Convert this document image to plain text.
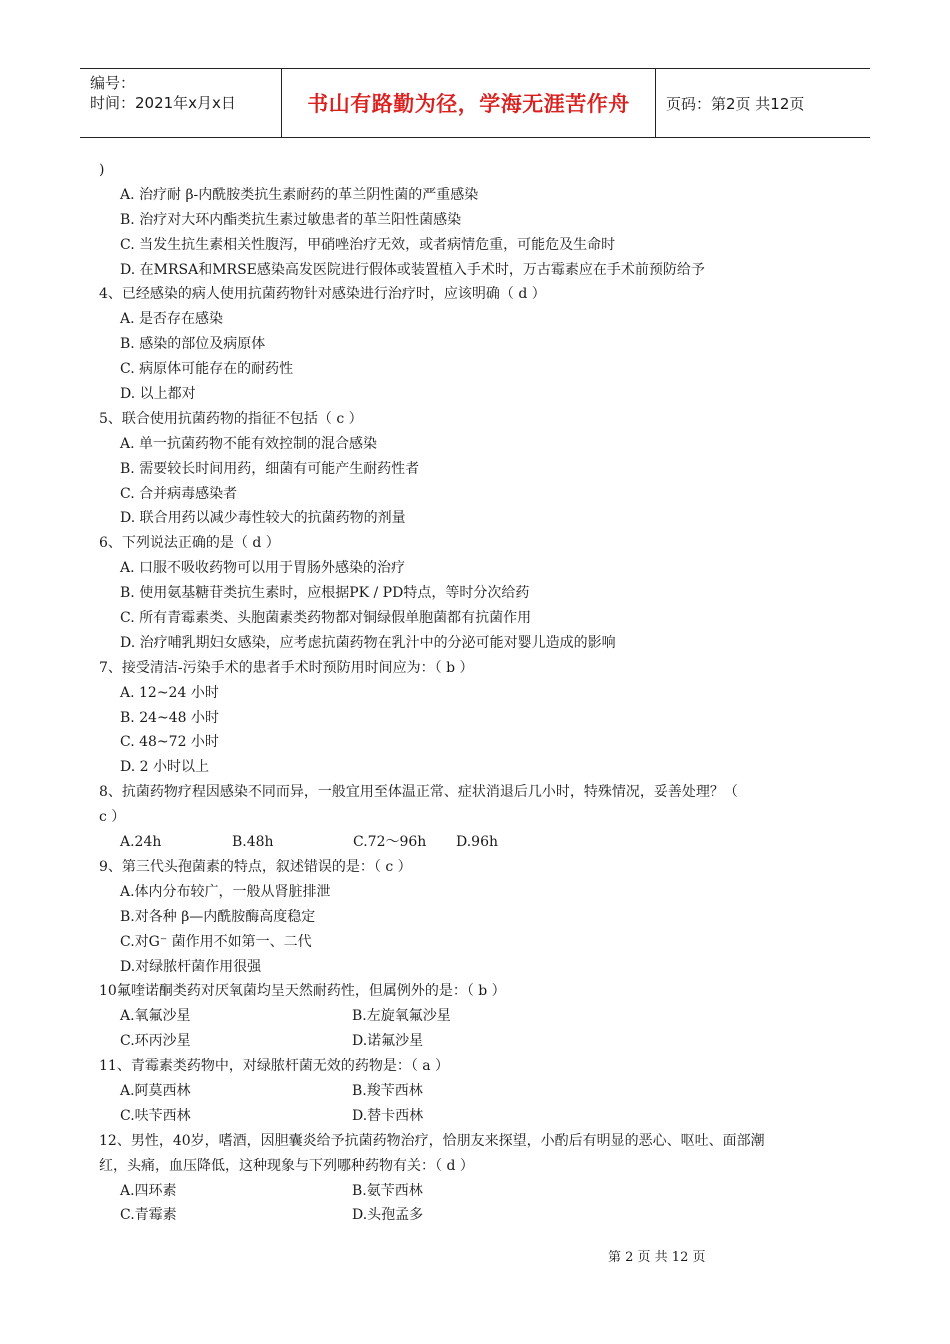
编号：
时间：2021年x月x日	书山有路勤为径，学海无涯苦作舟	页码：第2页 共12页
)
A. 治疗耐 β-内酰胺类抗生素耐药的革兰阴性菌的严重感染
B. 治疗对大环内酯类抗生素过敏患者的革兰阳性菌感染
C. 当发生抗生素相关性腹泻，甲硝唑治疗无效，或者病情危重，可能危及生命时
D. 在MRSA和MRSE感染高发医院进行假体或装置植入手术时，万古霉素应在手术前预防给予
4、已经感染的病人使用抗菌药物针对感染进行治疗时，应该明确（ d ）
A. 是否存在感染
B. 感染的部位及病原体
C. 病原体可能存在的耐药性
D. 以上都对
5、联合使用抗菌药物的指征不包括（ c ）
A. 单一抗菌药物不能有效控制的混合感染
B. 需要较长时间用药，细菌有可能产生耐药性者
C. 合并病毒感染者
D. 联合用药以减少毒性较大的抗菌药物的剂量
6、下列说法正确的是（ d ）
A. 口服不吸收药物可以用于胃肠外感染的治疗
B. 使用氨基糖苷类抗生素时，应根据PK / PD特点，等时分次给药
C. 所有青霉素类、头胞菌素类药物都对铜绿假单胞菌都有抗菌作用
D. 治疗哺乳期妇女感染，应考虑抗菌药物在乳汁中的分泌可能对婴儿造成的影响
7、接受清洁-污染手术的患者手术时预防用时间应为：（ b ）
A. 12~24 小时
B. 24~48 小时
C. 48~72 小时
D. 2 小时以上
8、抗菌药物疗程因感染不同而异，一般宜用至体温正常、症状消退后几小时，特殊情况，妥善处理？（
c ）
A.24h	B.48h	C.72～96h D.96h
9、第三代头孢菌素的特点，叙述错误的是：（ c ）
A.体内分布较广，一般从肾脏排泄
B.对各种 β—内酰胺酶高度稳定
C.对G⁻ 菌作用不如第一、二代
D.对绿脓杆菌作用很强
10氟喹诺酮类药对厌氧菌均呈天然耐药性，但属例外的是：（ b ）
A.氧氟沙星	B.左旋氧氟沙星
C.环丙沙星	D.诺氟沙星
11、青霉素类药物中，对绿脓杆菌无效的药物是：（ a ）
A.阿莫西林	B.羧苄西林
C.呋苄西林	D.替卡西林
12、男性，40岁，嗜酒，因胆囊炎给予抗菌药物治疗，恰朋友来探望，小酌后有明显的恶心、呕吐、面部潮
红，头痛，血压降低，这种现象与下列哪种药物有关：（ d ）
A.四环素	B.氨苄西林
C.青霉素	D.头孢孟多
第 2 页 共 12 页
